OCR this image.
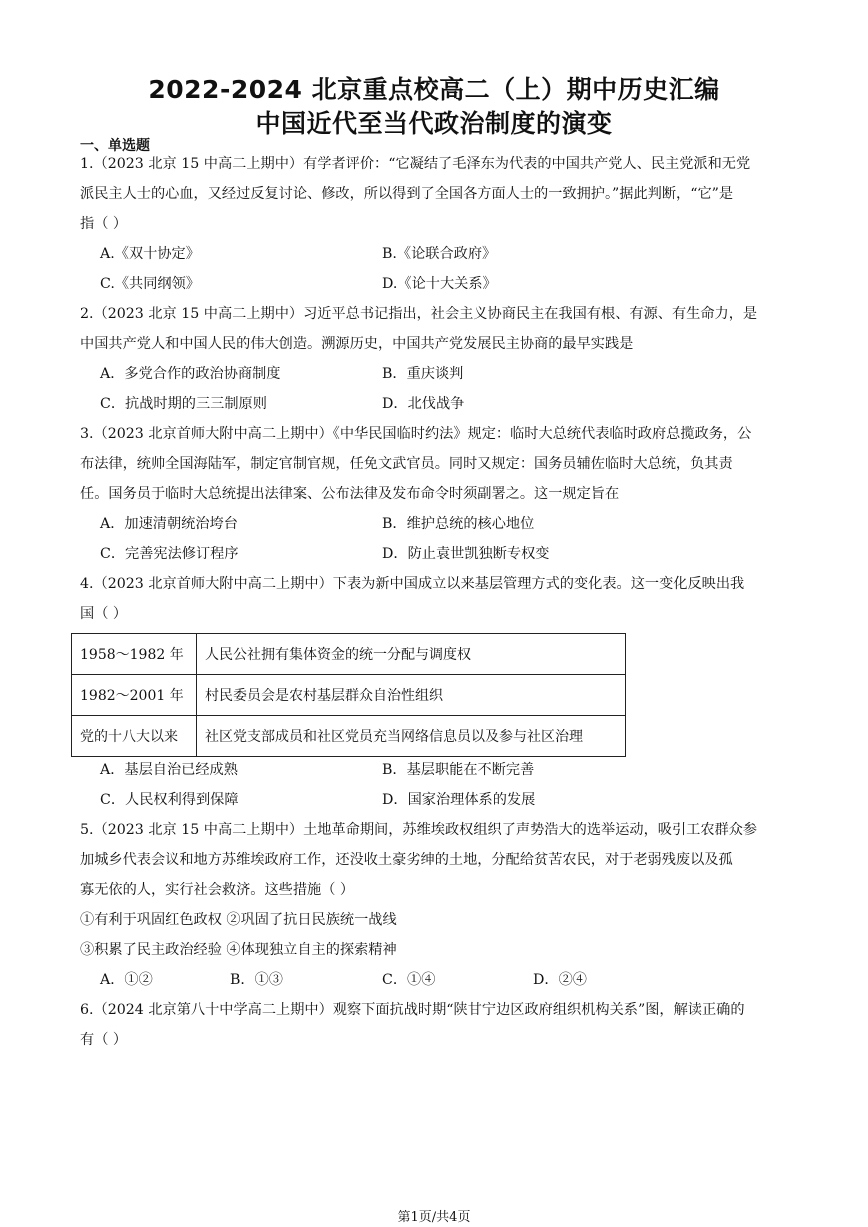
2022-2024 北京重点校高二（上）期中历史汇编
中国近代至当代政治制度的演变
一、单选题
1.（2023 北京 15 中高二上期中）有学者评价：“它凝结了毛泽东为代表的中国共产党人、民主党派和无党
派民主人士的心血，又经过反复讨论、修改，所以得到了全国各方面人士的一致拥护。”据此判断，“它”是
指（ ）
A.《双十协定》	B.《论联合政府》
C.《共同纲领》	D.《论十大关系》
2.（2023 北京 15 中高二上期中）习近平总书记指出，社会主义协商民主在我国有根、有源、有生命力，是
中国共产党人和中国人民的伟大创造。溯源历史，中国共产党发展民主协商的最早实践是
A．多党合作的政治协商制度	B．重庆谈判
C．抗战时期的三三制原则	D．北伐战争
3.（2023 北京首师大附中高二上期中）《中华民国临时约法》规定：临时大总统代表临时政府总揽政务，公
布法律，统帅全国海陆军，制定官制官规，任免文武官员。同时又规定：国务员辅佐临时大总统，负其责
任。国务员于临时大总统提出法律案、公布法律及发布命令时须副署之。这一规定旨在
A．加速清朝统治垮台	B．维护总统的核心地位
C．完善宪法修订程序	D．防止袁世凯独断专权变
4.（2023 北京首师大附中高二上期中）下表为新中国成立以来基层管理方式的变化表。这一变化反映出我
国（ ）
1958～1982 年	人民公社拥有集体资金的统一分配与调度权
1982～2001 年	村民委员会是农村基层群众自治性组织
党的十八大以来	社区党支部成员和社区党员充当网络信息员以及参与社区治理
A．基层自治已经成熟	B．基层职能在不断完善
C．人民权利得到保障	D．国家治理体系的发展
5.（2023 北京 15 中高二上期中）土地革命期间，苏维埃政权组织了声势浩大的选举运动，吸引工农群众参
加城乡代表会议和地方苏维埃政府工作，还没收土豪劣绅的土地，分配给贫苦农民，对于老弱残废以及孤
寡无依的人，实行社会救济。这些措施（ ）
①有利于巩固红色政权 ②巩固了抗日民族统一战线
③积累了民主政治经验 ④体现独立自主的探索精神
A．①②	B．①③	C．①④	D．②④
6.（2024 北京第八十中学高二上期中）观察下面抗战时期“陕甘宁边区政府组织机构关系”图，解读正确的
有（ ）
第1页/共4页
